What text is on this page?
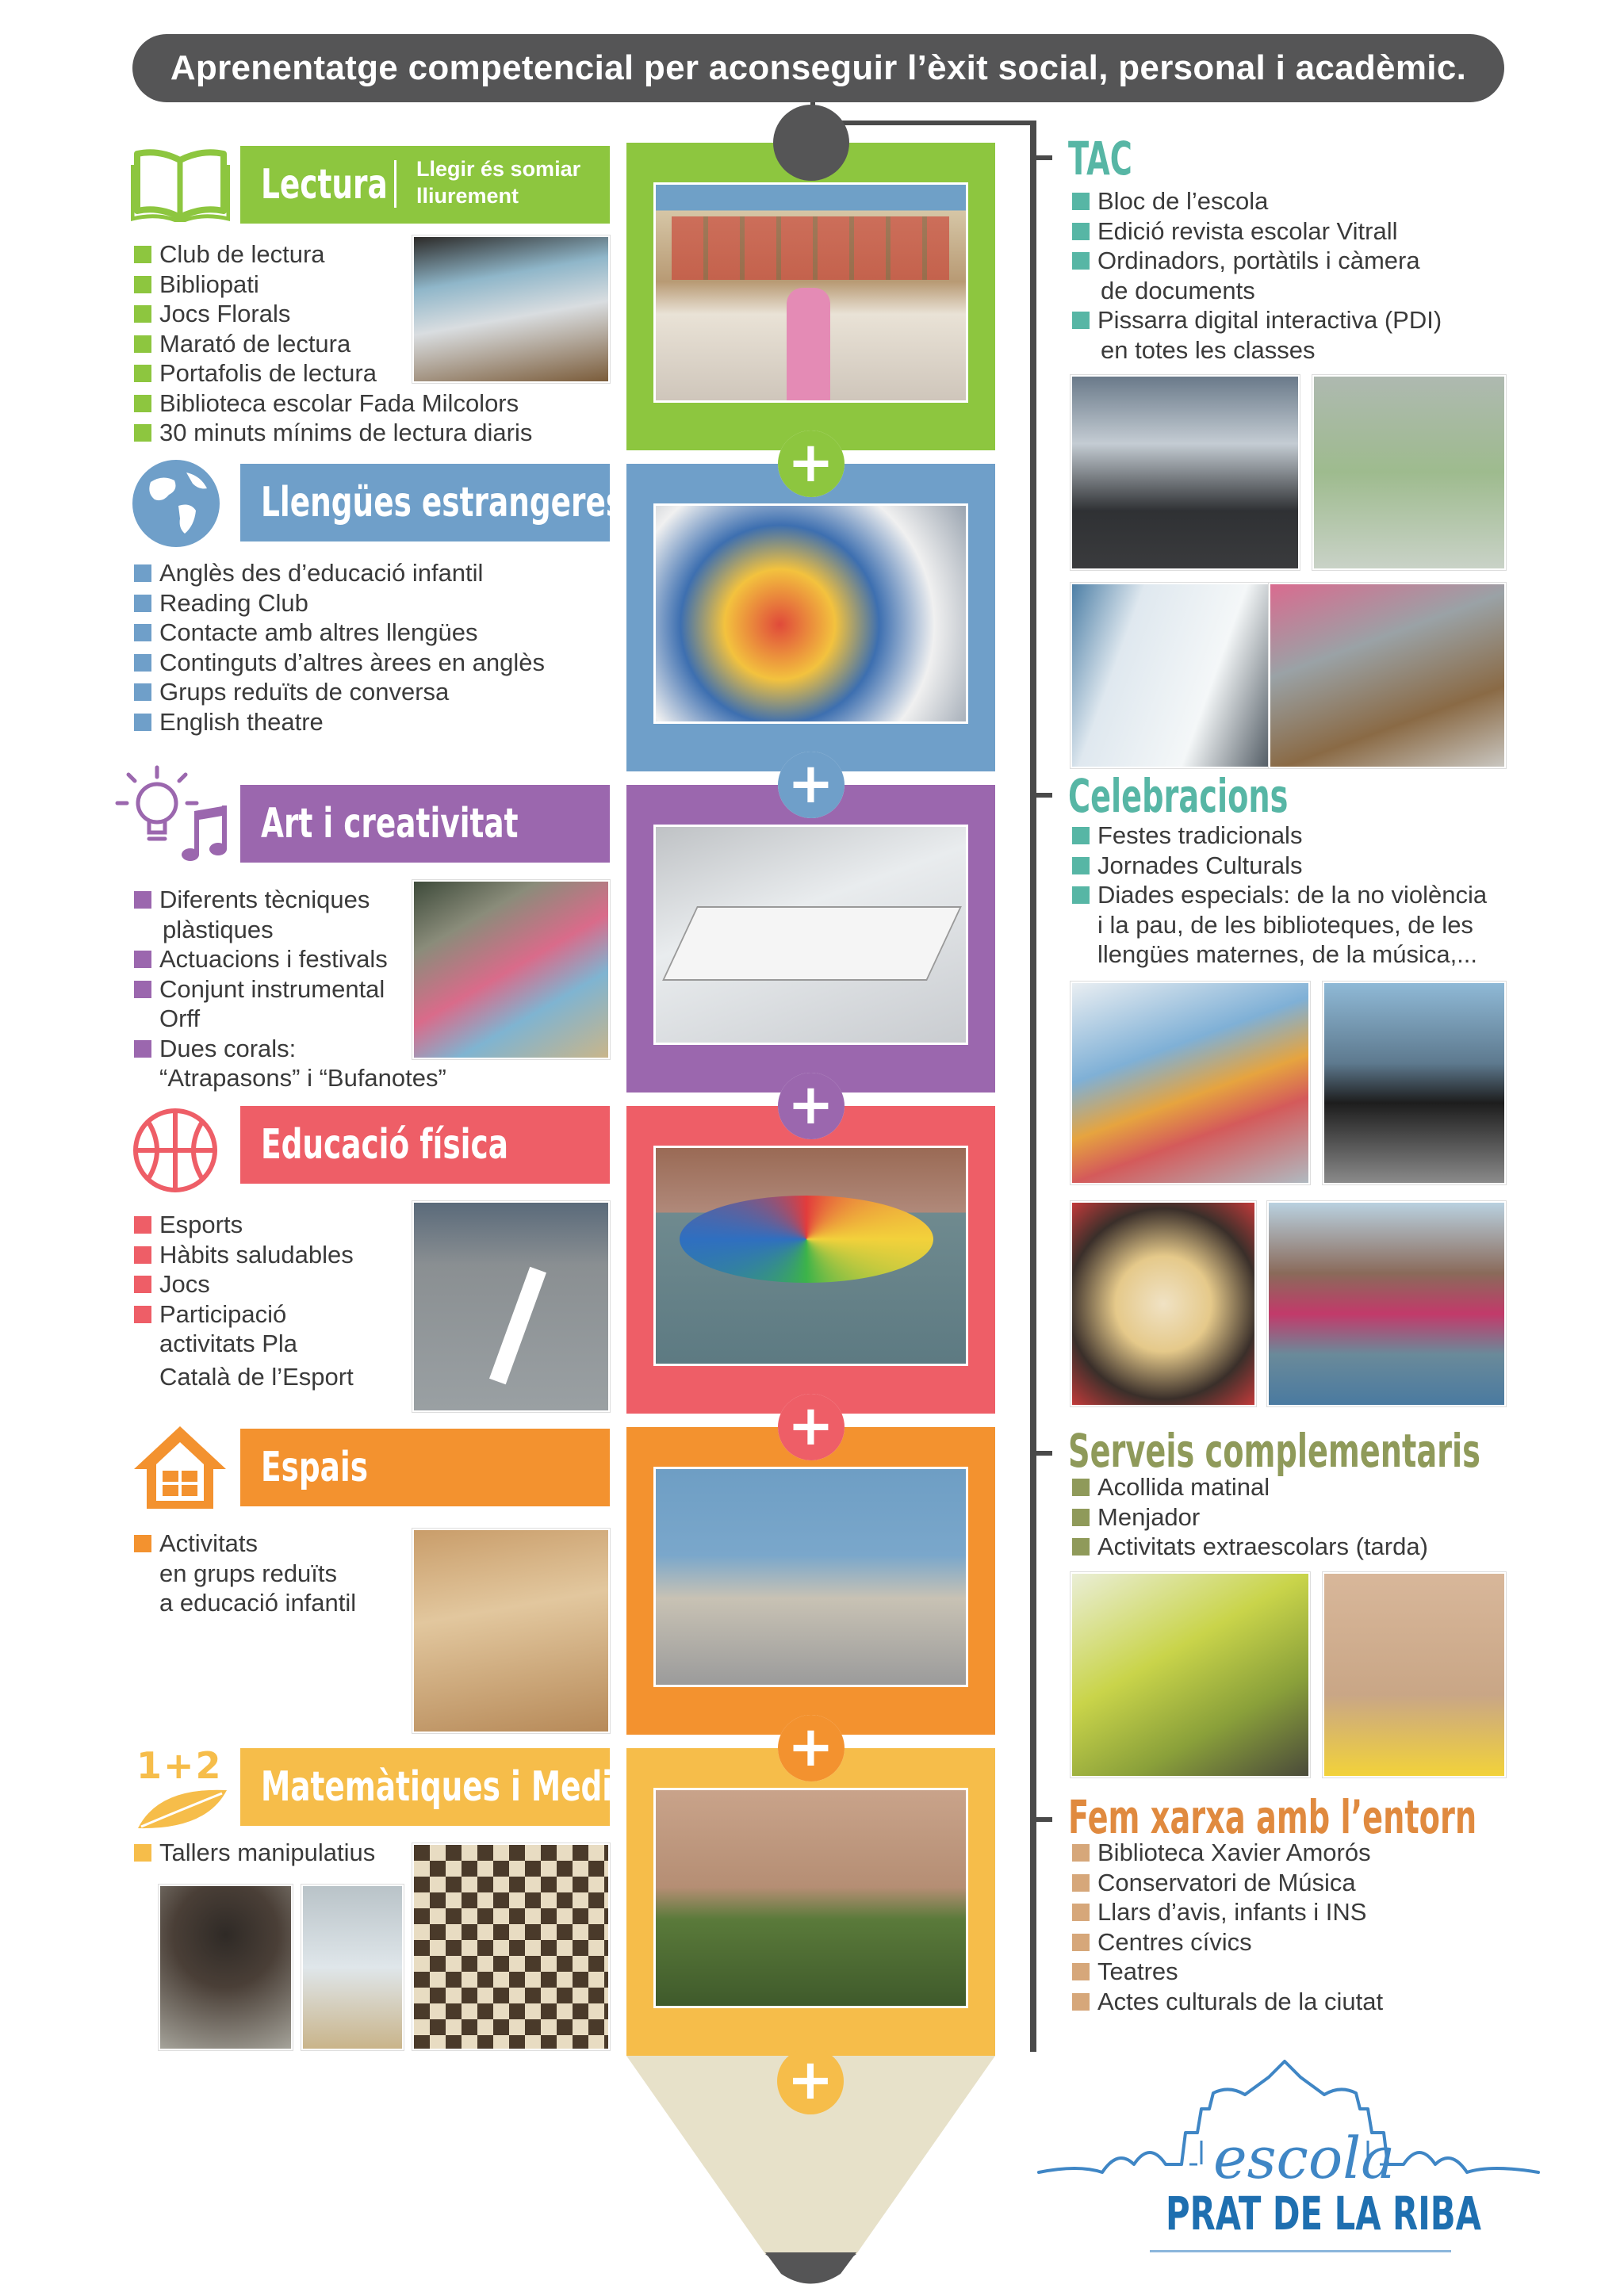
Aprenentatge competencial per aconseguir l’èxit social, personal i acadèmic.
+
+
+
+
+
+
Lectura	Llegir és somiar lliurement
Club de lectura
Bibliopati
Jocs Florals
Marató de lectura
Portafolis de lectura
Biblioteca escolar Fada Milcolors
30 minuts mínims de lectura diaris
Llengües estrangeres
Anglès des d’educació infantil
Reading Club
Contacte amb altres llengües
Continguts d’altres àrees en anglès
Grups reduïts de conversa
English theatre
Art i creativitat
Diferents tècniques
plàstiques
Actuacions i festivals
Conjunt instrumental
Orff
Dues corals:
“Atrapasons” i “Bufanotes”
Educació física
Esports
Hàbits saludables
Jocs
Participació
activitats Pla
Català de l’Esport
Espais
Activitats
en grups reduïts
a educació infantil
1+2 Matemàtiques i Medi
Tallers manipulatius
TAC
Bloc de l’escola
Edició revista escolar Vitrall
Ordinadors, portàtils i càmera
de documents
Pissarra digital interactiva (PDI)
en totes les classes
Celebracions
Festes tradicionals
Jornades Culturals
Diades especials: de la no violència
i la pau, de les biblioteques, de les
llengües maternes, de la música,...
Serveis complementaris
Acollida matinal
Menjador
Activitats extraescolars (tarda)
Fem xarxa amb l’entorn
Biblioteca Xavier Amorós
Conservatori de Música
Llars d’avis, infants i INS
Centres cívics
Teatres
Actes culturals de la ciutat
escola
PRAT DE LA RIBA
